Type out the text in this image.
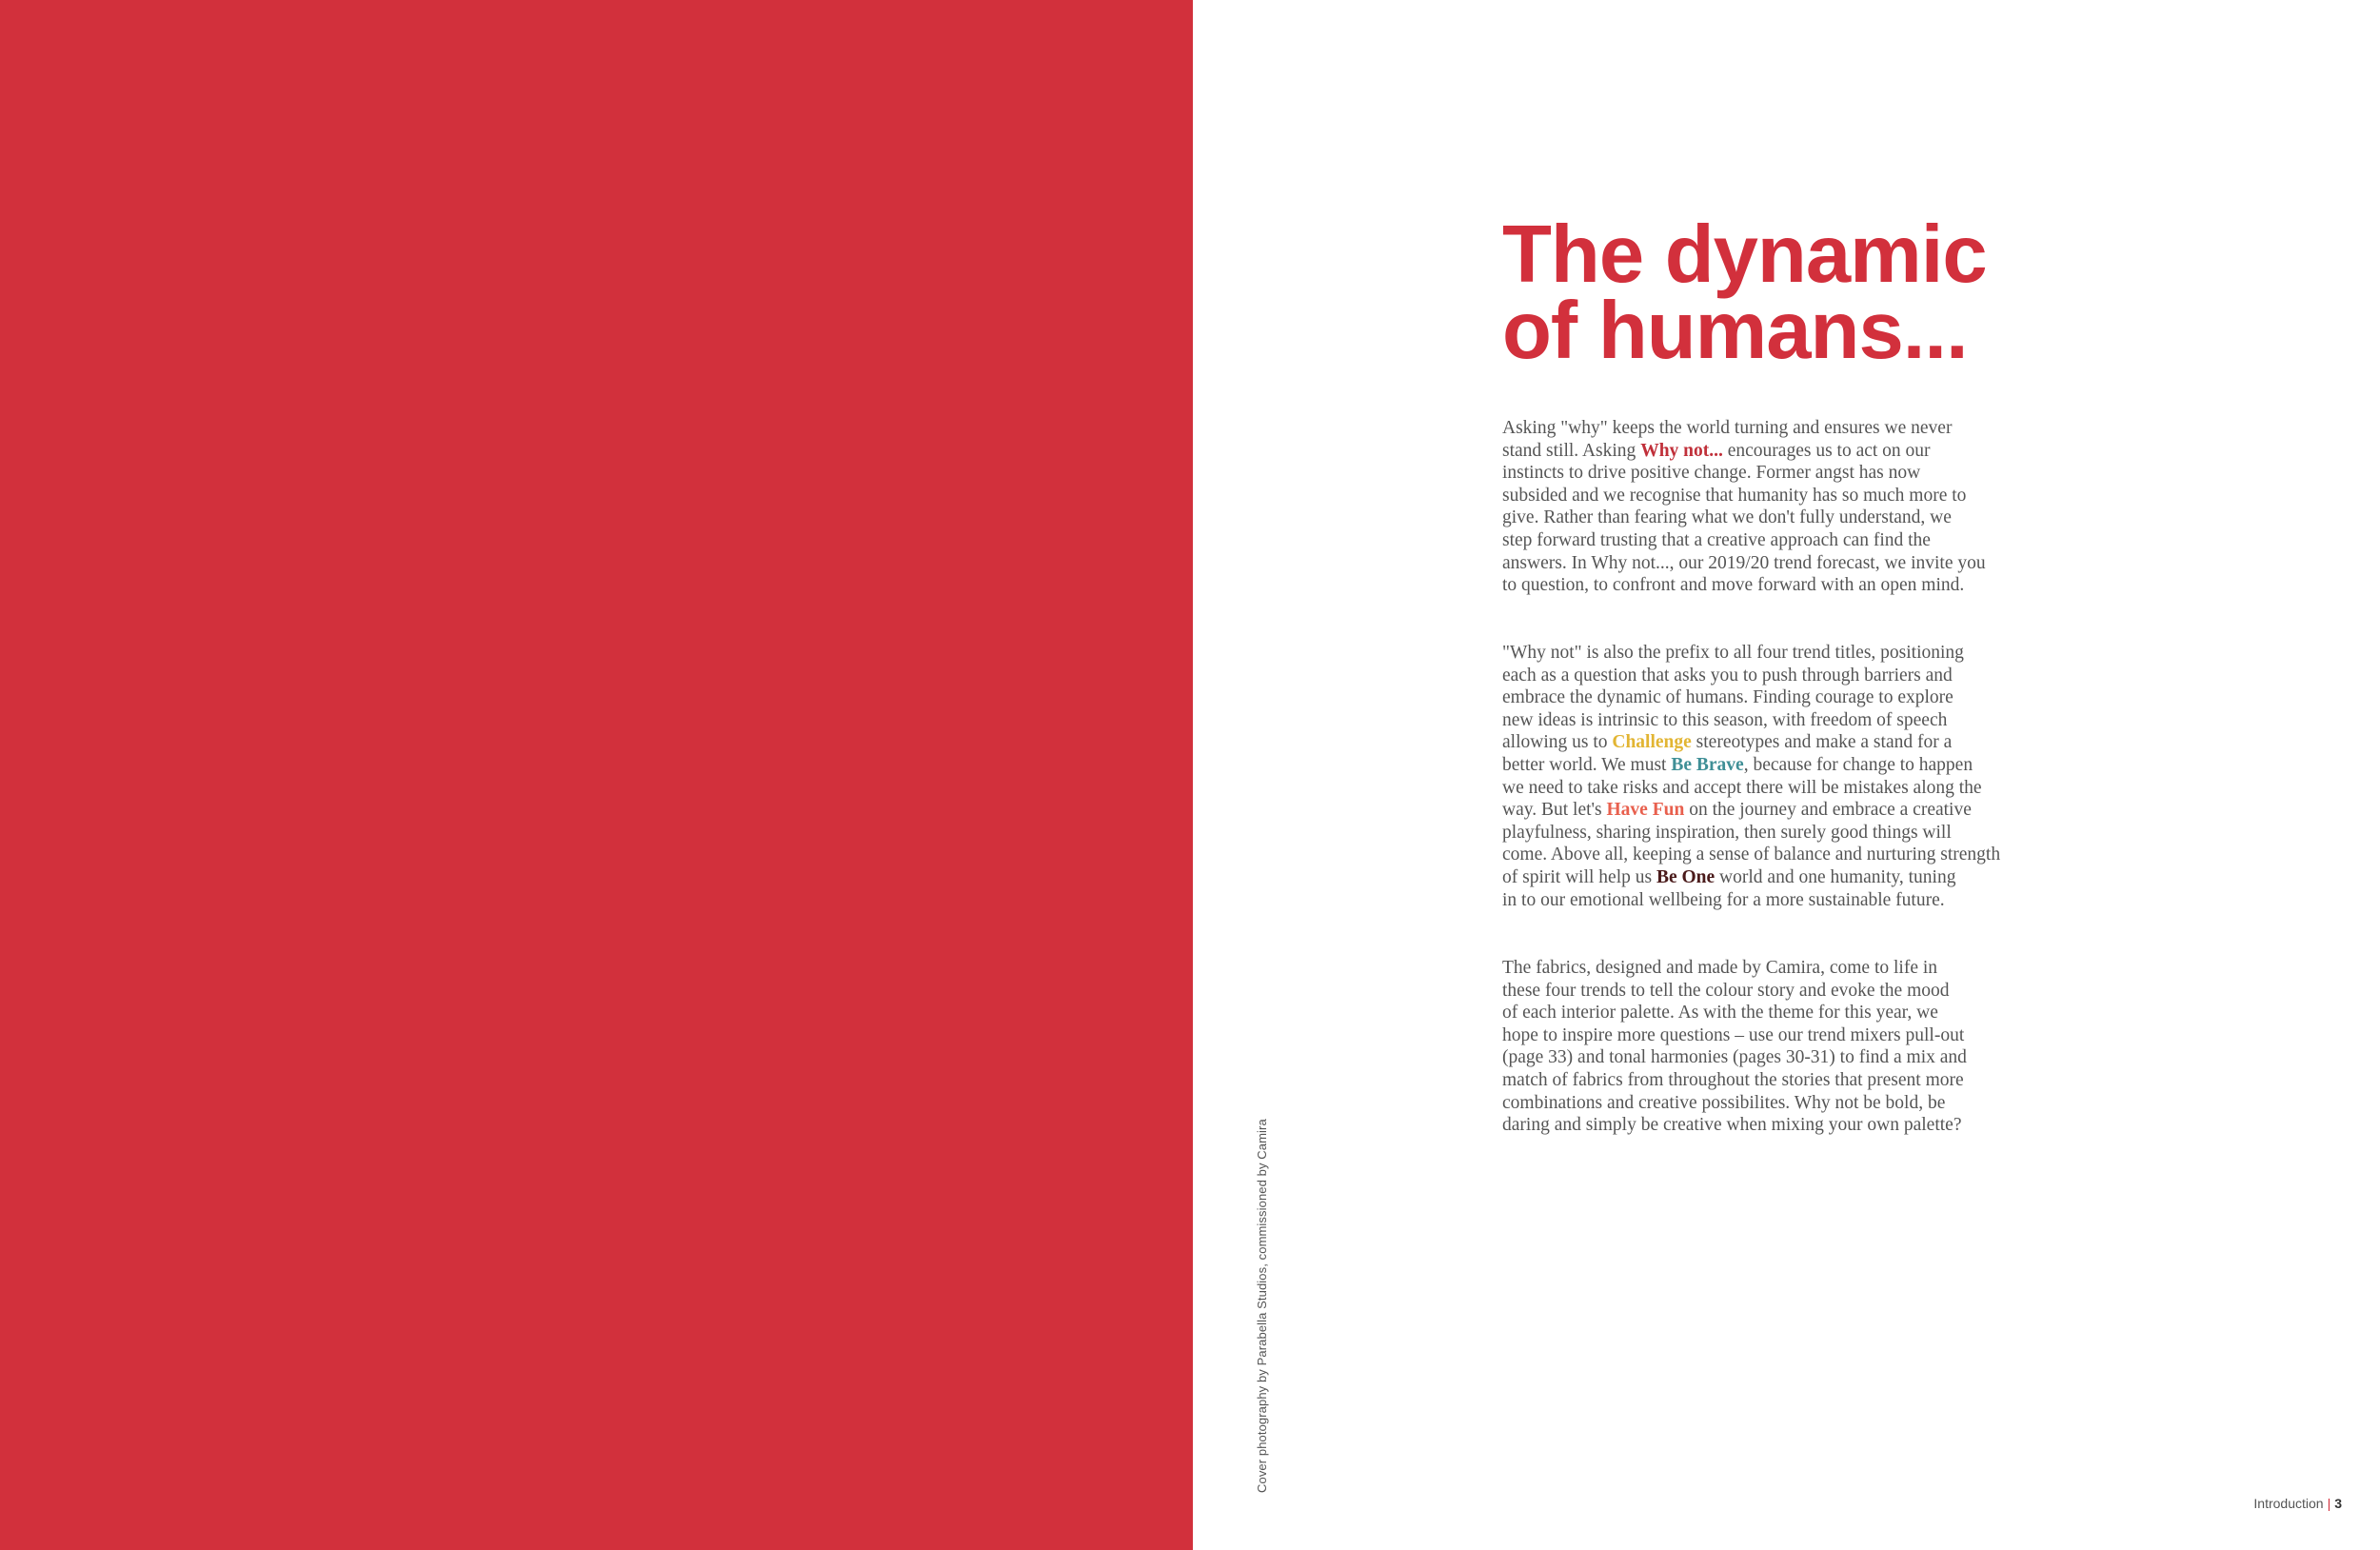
Cover photography by Parabella Studios, commissioned by Camira
The dynamic
of humans...

Asking "why" keeps the world turning and ensures we never
stand still. Asking Why not... encourages us to act on our
instincts to drive positive change. Former angst has now
subsided and we recognise that humanity has so much more to
give. Rather than fearing what we don't fully understand, we
step forward trusting that a creative approach can find the
answers. In Why not..., our 2019/20 trend forecast, we invite you
to question, to confront and move forward with an open mind.

"Why not" is also the prefix to all four trend titles, positioning
each as a question that asks you to push through barriers and
embrace the dynamic of humans. Finding courage to explore
new ideas is intrinsic to this season, with freedom of speech
allowing us to Challenge stereotypes and make a stand for a
better world. We must Be Brave, because for change to happen
we need to take risks and accept there will be mistakes along the
way. But let's Have Fun on the journey and embrace a creative
playfulness, sharing inspiration, then surely good things will
come. Above all, keeping a sense of balance and nurturing strength
of spirit will help us Be One world and one humanity, tuning
in to our emotional wellbeing for a more sustainable future.

The fabrics, designed and made by Camira, come to life in
these four trends to tell the colour story and evoke the mood
of each interior palette. As with the theme for this year, we
hope to inspire more questions – use our trend mixers pull-out
(page 33) and tonal harmonies (pages 30-31) to find a mix and
match of fabrics from throughout the stories that present more
combinations and creative possibilites. Why not be bold, be
daring and simply be creative when mixing your own palette?

Introduction | 3
